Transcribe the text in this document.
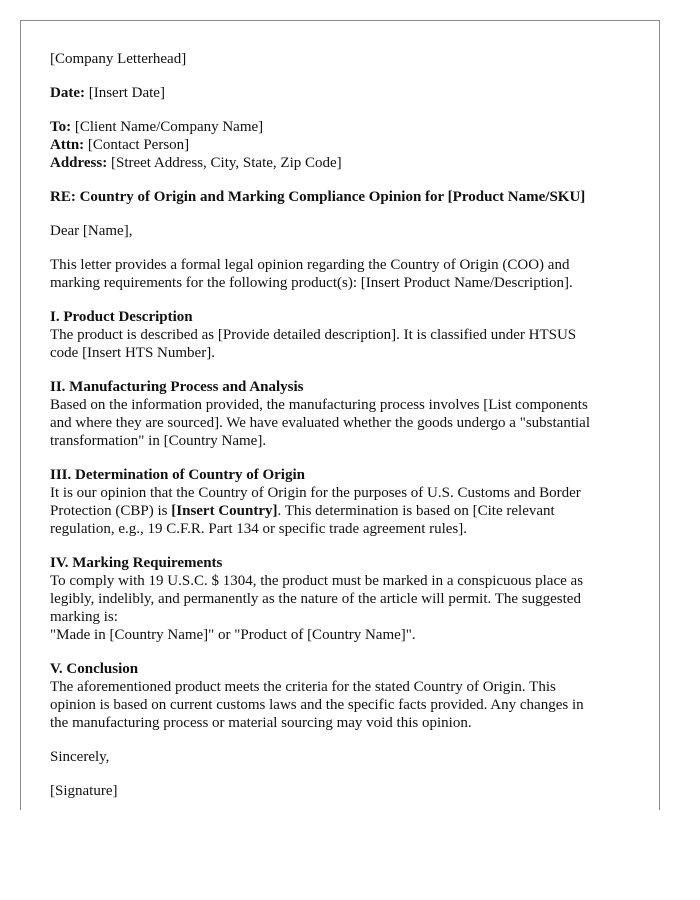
[Company Letterhead]
Date: [Insert Date]
To: [Client Name/Company Name]
Attn: [Contact Person]
Address: [Street Address, City, State, Zip Code]
RE: Country of Origin and Marking Compliance Opinion for [Product Name/SKU]
Dear [Name],
This letter provides a formal legal opinion regarding the Country of Origin (COO) and
marking requirements for the following product(s): [Insert Product Name/Description].
I. Product Description
The product is described as [Provide detailed description]. It is classified under HTSUS
code [Insert HTS Number].
II. Manufacturing Process and Analysis
Based on the information provided, the manufacturing process involves [List components
and where they are sourced]. We have evaluated whether the goods undergo a "substantial
transformation" in [Country Name].
III. Determination of Country of Origin
It is our opinion that the Country of Origin for the purposes of U.S. Customs and Border
Protection (CBP) is [Insert Country]. This determination is based on [Cite relevant
regulation, e.g., 19 C.F.R. Part 134 or specific trade agreement rules].
IV. Marking Requirements
To comply with 19 U.S.C. $ 1304, the product must be marked in a conspicuous place as
legibly, indelibly, and permanently as the nature of the article will permit. The suggested
marking is:
"Made in [Country Name]" or "Product of [Country Name]".
V. Conclusion
The aforementioned product meets the criteria for the stated Country of Origin. This
opinion is based on current customs laws and the specific facts provided. Any changes in
the manufacturing process or material sourcing may void this opinion.
Sincerely,
[Signature]
